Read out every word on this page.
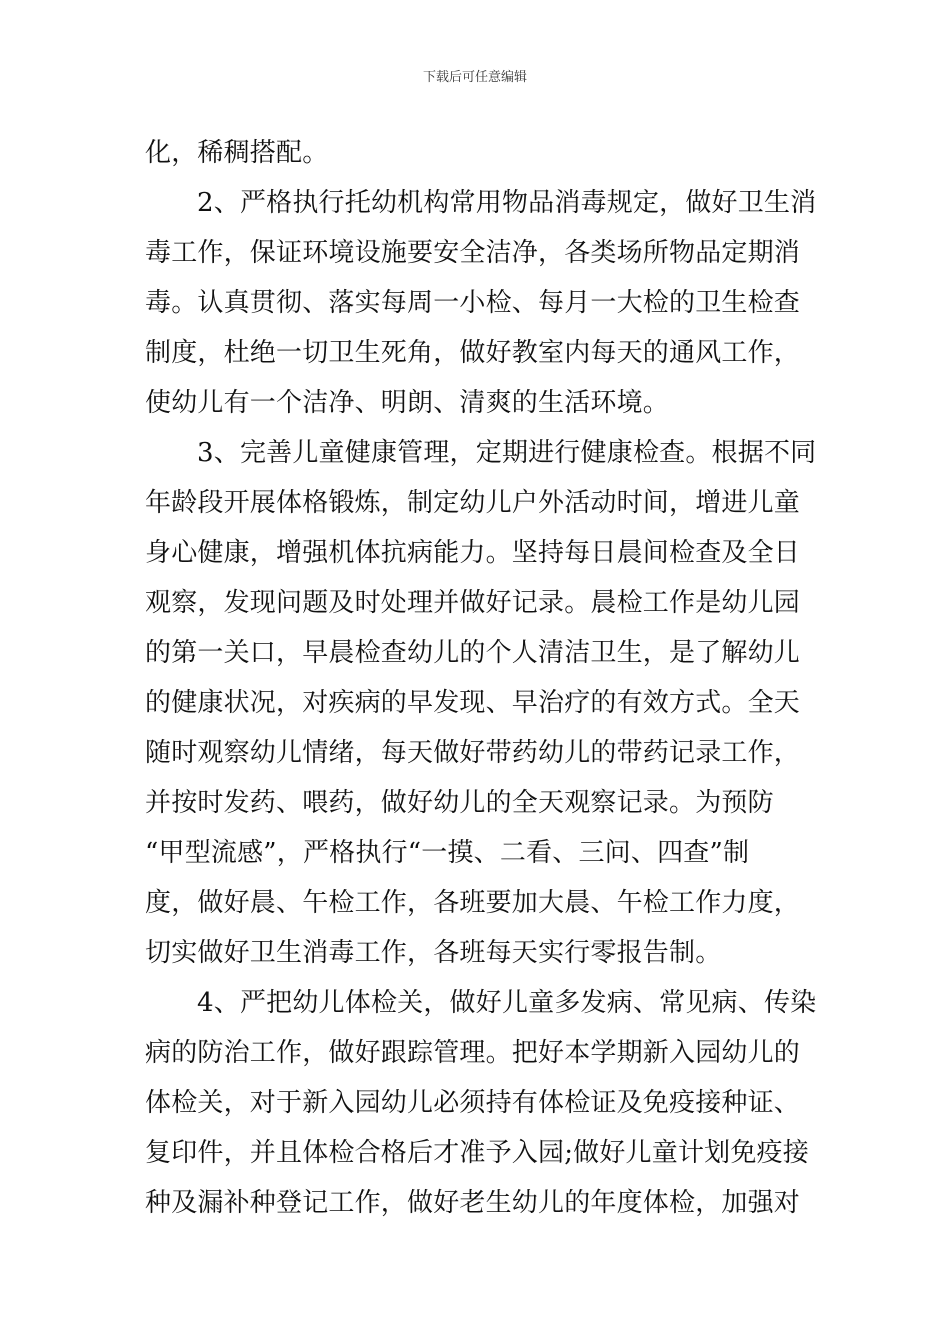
下载后可任意编辑
化，稀稠搭配。
2、严格执行托幼机构常用物品消毒规定，做好卫生消
毒工作，保证环境设施要安全洁净，各类场所物品定期消
毒。认真贯彻、落实每周一小检、每月一大检的卫生检查
制度，杜绝一切卫生死角，做好教室内每天的通风工作，
使幼儿有一个洁净、明朗、清爽的生活环境。
3、完善儿童健康管理，定期进行健康检查。根据不同
年龄段开展体格锻炼，制定幼儿户外活动时间，增进儿童
身心健康，增强机体抗病能力。坚持每日晨间检查及全日
观察，发现问题及时处理并做好记录。晨检工作是幼儿园
的第一关口，早晨检查幼儿的个人清洁卫生，是了解幼儿
的健康状况，对疾病的早发现、早治疗的有效方式。全天
随时观察幼儿情绪，每天做好带药幼儿的带药记录工作，
并按时发药、喂药，做好幼儿的全天观察记录。为预防
“甲型流感”，严格执行“一摸、二看、三问、四查”制
度，做好晨、午检工作，各班要加大晨、午检工作力度，
切实做好卫生消毒工作，各班每天实行零报告制。
4、严把幼儿体检关，做好儿童多发病、常见病、传染
病的防治工作，做好跟踪管理。把好本学期新入园幼儿的
体检关，对于新入园幼儿必须持有体检证及免疫接种证、
复印件，并且体检合格后才准予入园;做好儿童计划免疫接
种及漏补种登记工作，做好老生幼儿的年度体检，加强对
